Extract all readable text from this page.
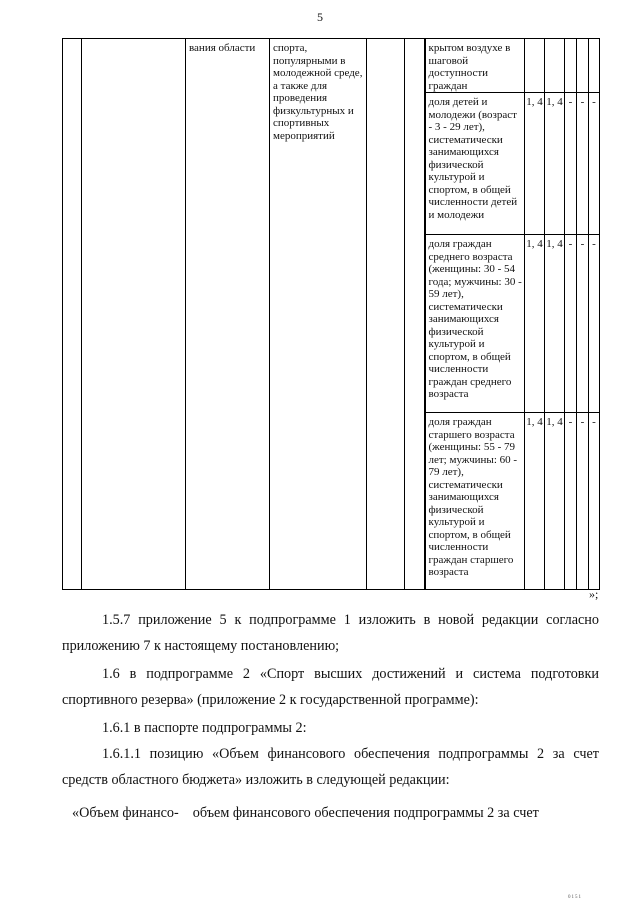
5
		вания области	спорта, популярными в молодежной среде, а также для проведения физкультурных и спортивных мероприятий			крытом воздухе в шаговой доступности граждан					
						доля детей и молодежи (возраст - 3 - 29 лет), систематически занимающихся физической культурой и спортом, в общей численности детей и молодежи	1, 4	1, 4	-	-	-
						доля граждан среднего возраста (женщины: 30 - 54 года; мужчины: 30 - 59 лет), систематически занимающихся физической культурой и спортом, в общей численности граждан среднего возраста	1, 4	1, 4	-	-	-
						доля граждан старшего возраста (женщины: 55 - 79 лет; мужчины: 60 - 79 лет), систематически занимающихся физической культурой и спортом, в общей численности граждан старшего возраста	1, 4	1, 4	-	-	-
»;

1.5.7 приложение 5 к подпрограмме 1 изложить в новой редакции согласно приложению 7 к настоящему постановлению;

1.6 в подпрограмме 2 «Спорт высших достижений и система подготовки спортивного резерва» (приложение 2 к государственной программе):

1.6.1 в паспорте подпрограммы 2:

1.6.1.1 позицию «Объем финансового обеспечения подпрограммы 2 за счет средств областного бюджета» изложить в следующей редакции:

«Объем финансо- объем финансового обеспечения подпрограммы 2 за счет
0151
